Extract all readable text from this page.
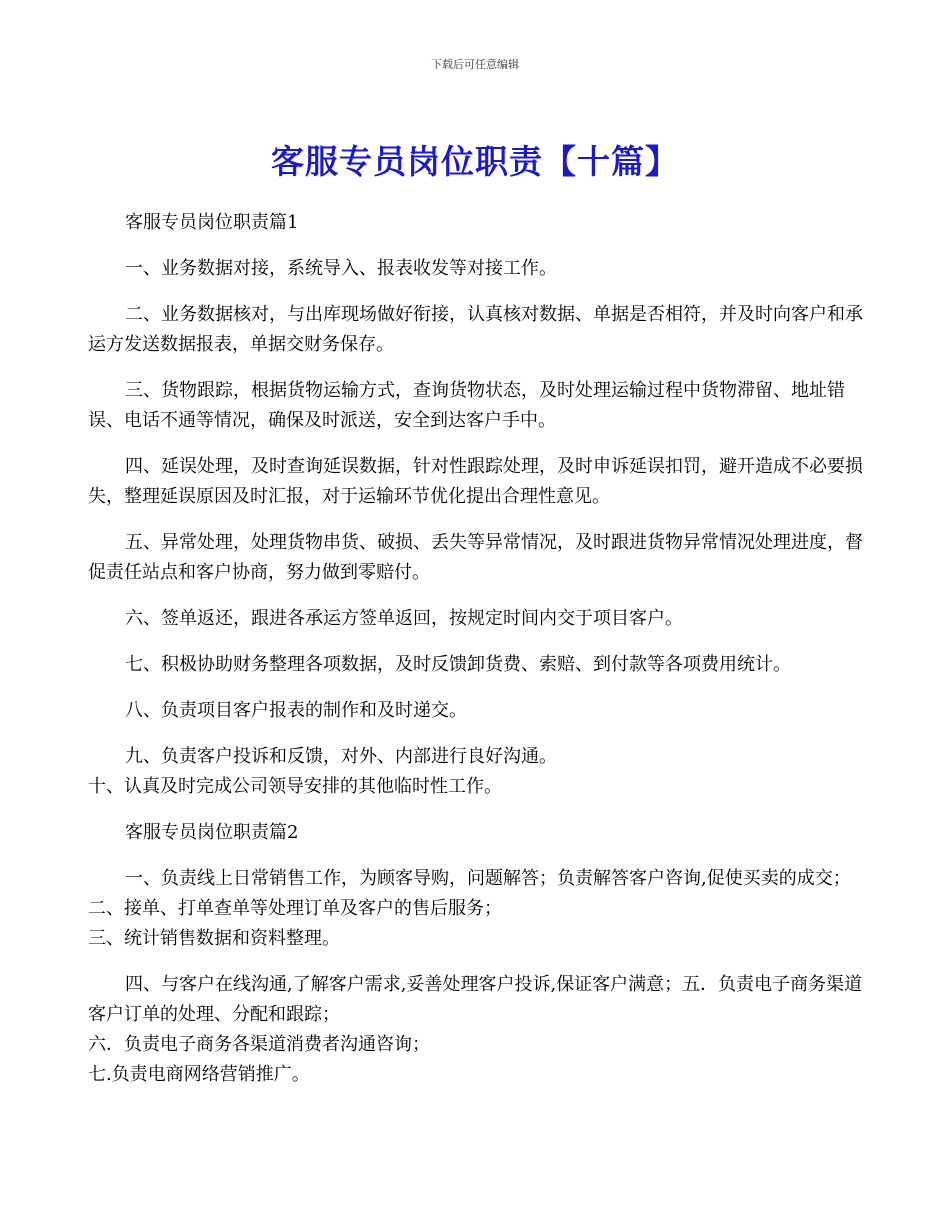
下载后可任意编辑
客服专员岗位职责【十篇】

客服专员岗位职责篇1

一、业务数据对接，系统导入、报表收发等对接工作。

二、业务数据核对，与出库现场做好衔接，认真核对数据、单据是否相符，并及时向客户和承运方发送数据报表，单据交财务保存。

三、货物跟踪，根据货物运输方式，查询货物状态，及时处理运输过程中货物滞留、地址错误、电话不通等情况，确保及时派送，安全到达客户手中。

四、延误处理，及时查询延误数据，针对性跟踪处理，及时申诉延误扣罚，避开造成不必要损失，整理延误原因及时汇报，对于运输环节优化提出合理性意见。

五、异常处理，处理货物串货、破损、丢失等异常情况，及时跟进货物异常情况处理进度，督促责任站点和客户协商，努力做到零赔付。

六、签单返还，跟进各承运方签单返回，按规定时间内交于项目客户。

七、积极协助财务整理各项数据，及时反馈卸货费、索赔、到付款等各项费用统计。

八、负责项目客户报表的制作和及时递交。

九、负责客户投诉和反馈，对外、内部进行良好沟通。

十、认真及时完成公司领导安排的其他临时性工作。

客服专员岗位职责篇2

一、负责线上日常销售工作，为顾客导购，问题解答；负责解答客户咨询,促使买卖的成交；二、接单、打单查单等处理订单及客户的售后服务；

三、统计销售数据和资料整理。

四、与客户在线沟通,了解客户需求,妥善处理客户投诉,保证客户满意；五．负责电子商务渠道客户订单的处理、分配和跟踪；

六．负责电子商务各渠道消费者沟通咨询；

七.负责电商网络营销推广。
